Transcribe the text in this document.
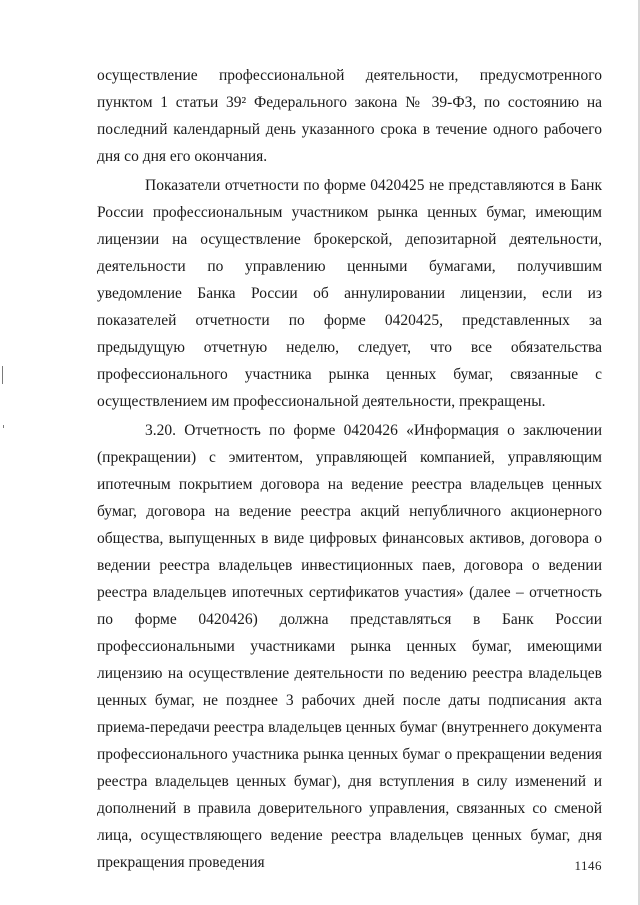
осуществление профессиональной деятельности, предусмотренного пунктом 1 статьи 39² Федерального закона № 39-ФЗ, по состоянию на последний календарный день указанного срока в течение одного рабочего дня со дня его окончания.

Показатели отчетности по форме 0420425 не представляются в Банк России профессиональным участником рынка ценных бумаг, имеющим лицензии на осуществление брокерской, депозитарной деятельности, деятельности по управлению ценными бумагами, получившим уведомление Банка России об аннулировании лицензии, если из показателей отчетности по форме 0420425, представленных за предыдущую отчетную неделю, следует, что все обязательства профессионального участника рынка ценных бумаг, связанные с осуществлением им профессиональной деятельности, прекращены.

3.20. Отчетность по форме 0420426 «Информация о заключении (прекращении) с эмитентом, управляющей компанией, управляющим ипотечным покрытием договора на ведение реестра владельцев ценных бумаг, договора на ведение реестра акций непубличного акционерного общества, выпущенных в виде цифровых финансовых активов, договора о ведении реестра владельцев инвестиционных паев, договора о ведении реестра владельцев ипотечных сертификатов участия» (далее – отчетность по форме 0420426) должна представляться в Банк России профессиональными участниками рынка ценных бумаг, имеющими лицензию на осуществление деятельности по ведению реестра владельцев ценных бумаг, не позднее 3 рабочих дней после даты подписания акта приема-передачи реестра владельцев ценных бумаг (внутреннего документа профессионального участника рынка ценных бумаг о прекращении ведения реестра владельцев ценных бумаг), дня вступления в силу изменений и дополнений в правила доверительного управления, связанных со сменой лица, осуществляющего ведение реестра владельцев ценных бумаг, дня прекращения проведения	1146
